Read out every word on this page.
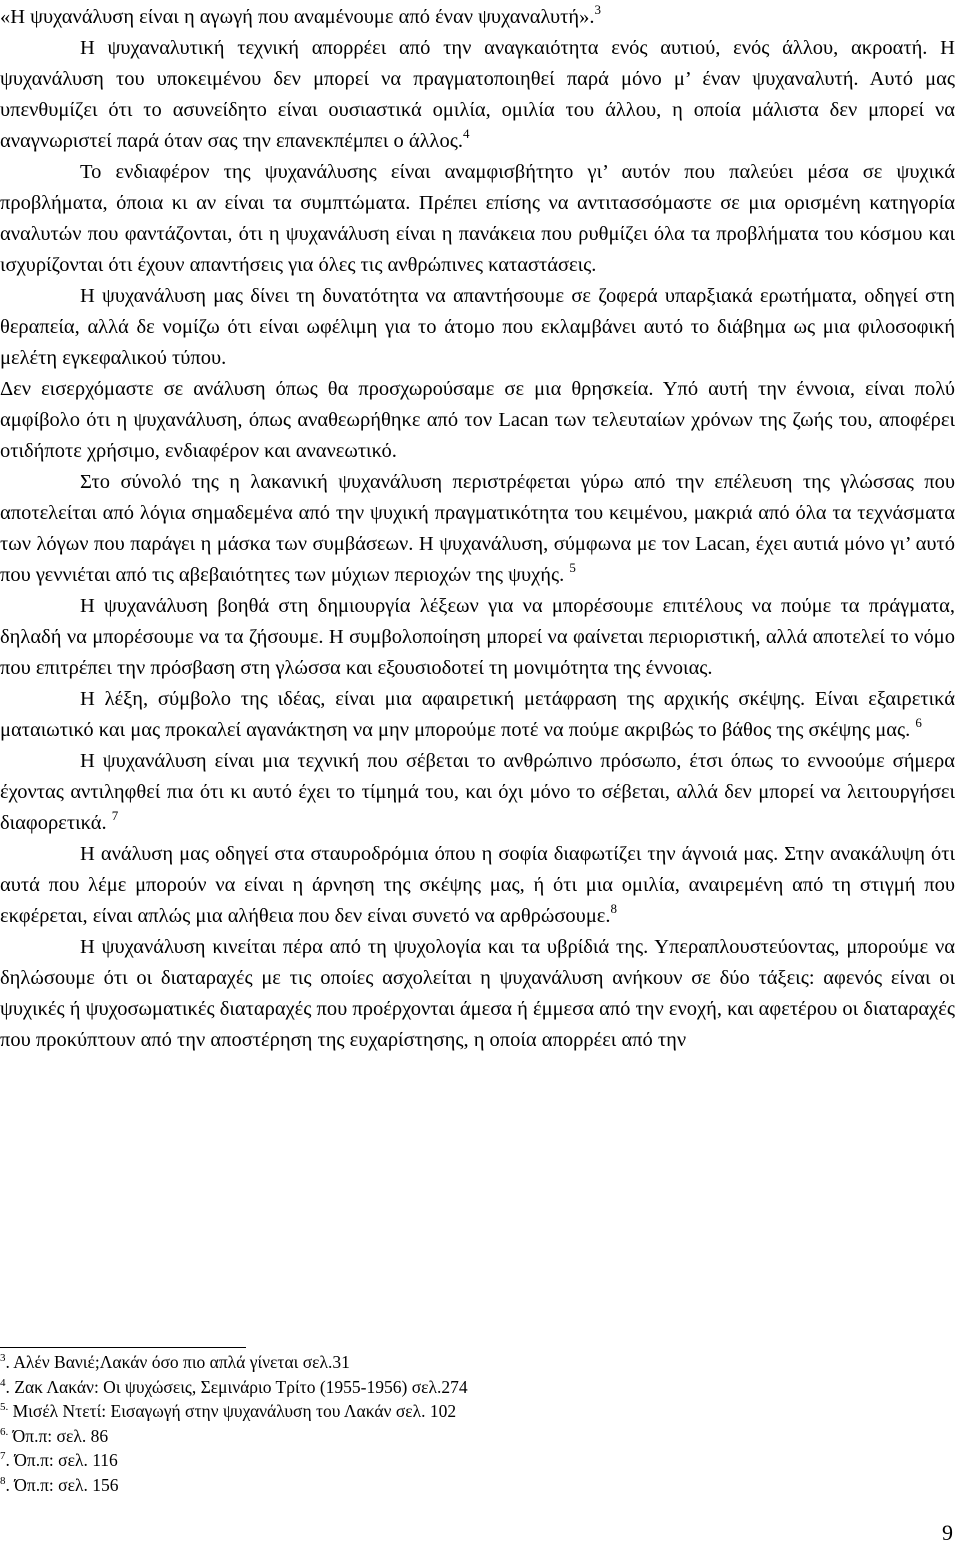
«Η ψυχανάλυση είναι η αγωγή που αναμένουμε από έναν ψυχαναλυτή».$^3$

Η ψυχαναλυτική τεχνική απορρέει από την αναγκαιότητα ενός αυτιού, ενός άλλου, ακροατή. Η ψυχανάλυση του υποκειμένου δεν μπορεί να πραγματοποιηθεί παρά μόνο μ’ έναν ψυχαναλυτή. Αυτό μας υπενθυμίζει ότι το ασυνείδητο είναι ουσιαστικά ομιλία, ομιλία του άλλου, η οποία μάλιστα δεν μπορεί να αναγνωριστεί παρά όταν σας την επανεκπέμπει ο άλλος.$^4$

Το ενδιαφέρον της ψυχανάλυσης είναι αναμφισβήτητο γι’ αυτόν που παλεύει μέσα σε ψυχικά προβλήματα, όποια κι αν είναι τα συμπτώματα. Πρέπει επίσης να αντιτασσόμαστε σε μια ορισμένη κατηγορία αναλυτών που φαντάζονται, ότι η ψυχανάλυση είναι η πανάκεια που ρυθμίζει όλα τα προβλήματα του κόσμου και ισχυρίζονται ότι έχουν απαντήσεις για όλες τις ανθρώπινες καταστάσεις.

Η ψυχανάλυση μας δίνει τη δυνατότητα να απαντήσουμε σε ζοφερά υπαρξιακά ερωτήματα, οδηγεί στη θεραπεία, αλλά δε νομίζω ότι είναι ωφέλιμη για το άτομο που εκλαμβάνει αυτό το διάβημα ως μια φιλοσοφική μελέτη εγκεφαλικού τύπου.

Δεν εισερχόμαστε σε ανάλυση όπως θα προσχωρούσαμε σε μια θρησκεία. Υπό αυτή την έννοια, είναι πολύ αμφίβολο ότι η ψυχανάλυση, όπως αναθεωρήθηκε από τον Lacan των τελευταίων χρόνων της ζωής του, αποφέρει οτιδήποτε χρήσιμο, ενδιαφέρον και ανανεωτικό.

Στο σύνολό της η λακανική ψυχανάλυση περιστρέφεται γύρω από την επέλευση της γλώσσας που αποτελείται από λόγια σημαδεμένα από την ψυχική πραγματικότητα του κειμένου, μακριά από όλα τα τεχνάσματα των λόγων που παράγει η μάσκα των συμβάσεων. Η ψυχανάλυση, σύμφωνα με τον Lacan, έχει αυτιά μόνο γι’ αυτό που γεννιέται από τις αβεβαιότητες των μύχιων περιοχών της ψυχής. $^5$

Η ψυχανάλυση βοηθά στη δημιουργία λέξεων για να μπορέσουμε επιτέλους να πούμε τα πράγματα, δηλαδή να μπορέσουμε να τα ζήσουμε. Η συμβολοποίηση μπορεί να φαίνεται περιοριστική, αλλά αποτελεί το νόμο που επιτρέπει την πρόσβαση στη γλώσσα και εξουσιοδοτεί τη μονιμότητα της έννοιας.

Η λέξη, σύμβολο της ιδέας, είναι μια αφαιρετική μετάφραση της αρχικής σκέψης. Είναι εξαιρετικά ματαιωτικό και μας προκαλεί αγανάκτηση να μην μπορούμε ποτέ να πούμε ακριβώς το βάθος της σκέψης μας. $^6$

Η ψυχανάλυση είναι μια τεχνική που σέβεται το ανθρώπινο πρόσωπο, έτσι όπως το εννοούμε σήμερα έχοντας αντιληφθεί πια ότι κι αυτό έχει το τίμημά του, και όχι μόνο το σέβεται, αλλά δεν μπορεί να λειτουργήσει διαφορετικά. $^7$

Η ανάλυση μας οδηγεί στα σταυροδρόμια όπου η σοφία διαφωτίζει την άγνοιά μας. Στην ανακάλυψη ότι αυτά που λέμε μπορούν να είναι η άρνηση της σκέψης μας, ή ότι μια ομιλία, αναιρεμένη από τη στιγμή που εκφέρεται, είναι απλώς μια αλήθεια που δεν είναι συνετό να αρθρώσουμε.$^8$

Η ψυχανάλυση κινείται πέρα από τη ψυχολογία και τα υβρίδιά της. Υπεραπλουστεύοντας, μπορούμε να δηλώσουμε ότι οι διαταραχές με τις οποίες ασχολείται η ψυχανάλυση ανήκουν σε δύο τάξεις: αφενός είναι οι ψυχικές ή ψυχοσωματικές διαταραχές που προέρχονται άμεσα ή έμμεσα από την ενοχή, και αφετέρου οι διαταραχές που προκύπτουν από την αποστέρηση της ευχαρίστησης, η οποία απορρέει από την

$^3$. Αλέν Βανιέ;Λακάν όσο πιο απλά γίνεται σελ.31
$^4$. Ζακ Λακάν: Οι ψυχώσεις, Σεμινάριο Τρίτο (1955-1956) σελ.274
$^{5.}$ Μισέλ Ντετί: Εισαγωγή στην ψυχανάλυση του Λακάν σελ. 102
$^{6.}$ Όπ.π: σελ. 86
$^7$. Όπ.π: σελ. 116
$^8$. Όπ.π: σελ. 156
9
